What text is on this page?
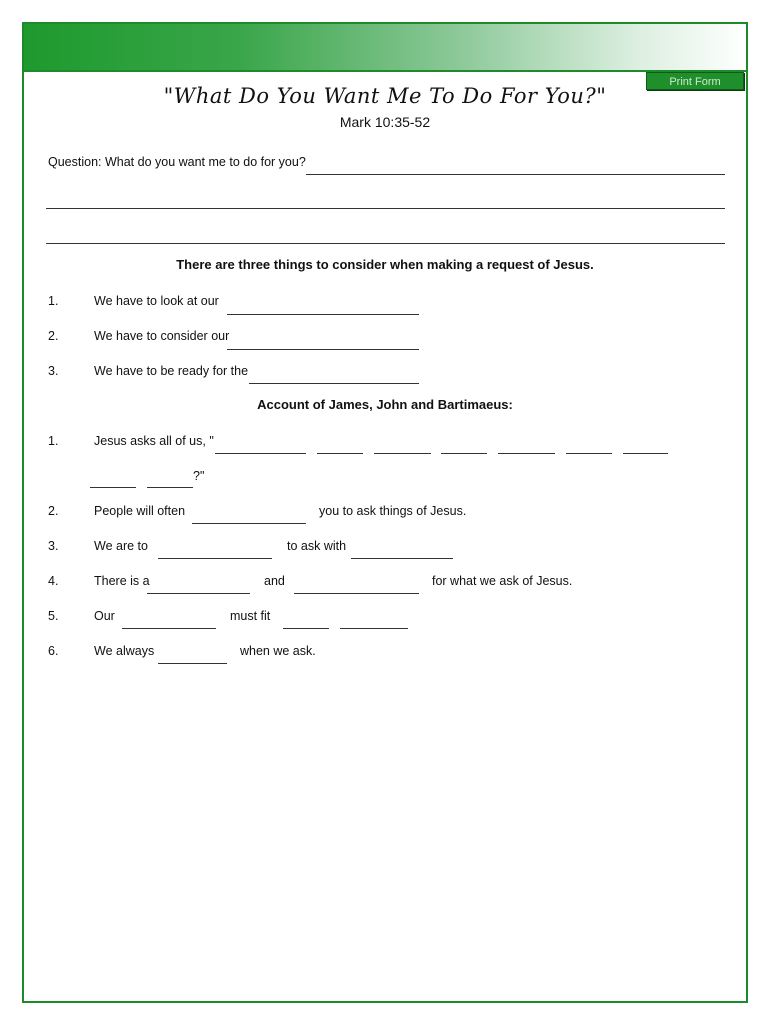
Print Form
"What Do You Want Me To Do For You?"
Mark 10:35-52
Question: What do you want me to do for you?
There are three things to consider when making a request of Jesus.
1.	We have to look at our
2.	We have to consider our
3.	We have to be ready for the
Account of James, John and Bartimaeus:
1.	Jesus asks all of us, "
?"
2.	People will often	you to ask things of Jesus.
3.	We are to	to ask with
4.	There is a	and	for what we ask of Jesus.
5.	Our	must fit
6.	We always	when we ask.
